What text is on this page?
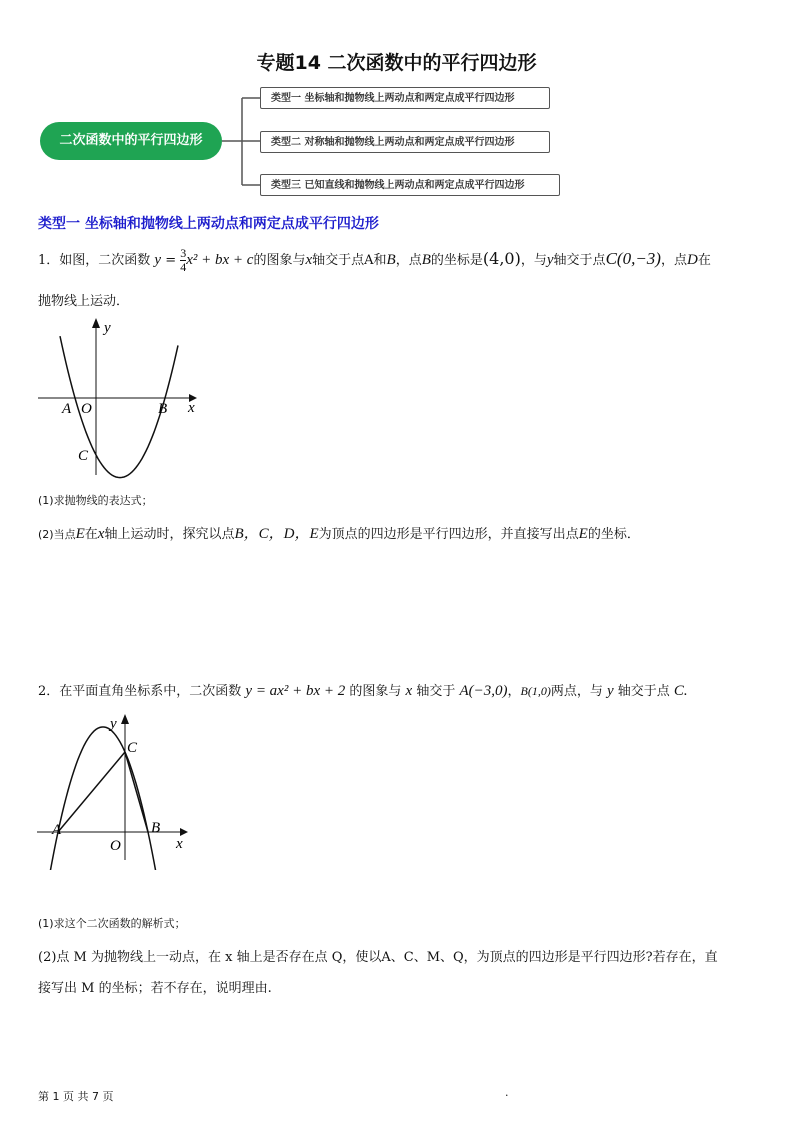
专题14 二次函数中的平行四边形
二次函数中的平行四边形
类型一 坐标轴和抛物线上两动点和两定点成平行四边形
类型二 对称轴和抛物线上两动点和两定点成平行四边形
类型三 已知直线和抛物线上两动点和两定点成平行四边形
类型一 坐标轴和抛物线上两动点和两定点成平行四边形
1．如图，二次函数 $y = \frac{3}{4} x^2$ + bx + c的图象与x轴交于点A和B，点B的坐标是(4,0)，与y轴交于点C(0,−3)，点D在
抛物线上运动．
y
x
A O	B
C
(1)求抛物线的表达式；
(2)当点E在x轴上运动时，探究以点B，C，D，E为顶点的四边形是平行四边形，并直接写出点E的坐标．
2．在平面直角坐标系中，二次函数 y = ax² + bx + 2 的图象与 x 轴交于 A(−3,0)，B(1,0)两点，与 y 轴交于点 C.
y
x
A
O
B
C
(1)求这个二次函数的解析式；
(2)点 M 为抛物线上一动点，在 x 轴上是否存在点 Q，使以A、C、M、Q，为顶点的四边形是平行四边形?若存在，直
接写出 M 的坐标；若不存在，说明理由.
第 1 页 共 7 页	.
